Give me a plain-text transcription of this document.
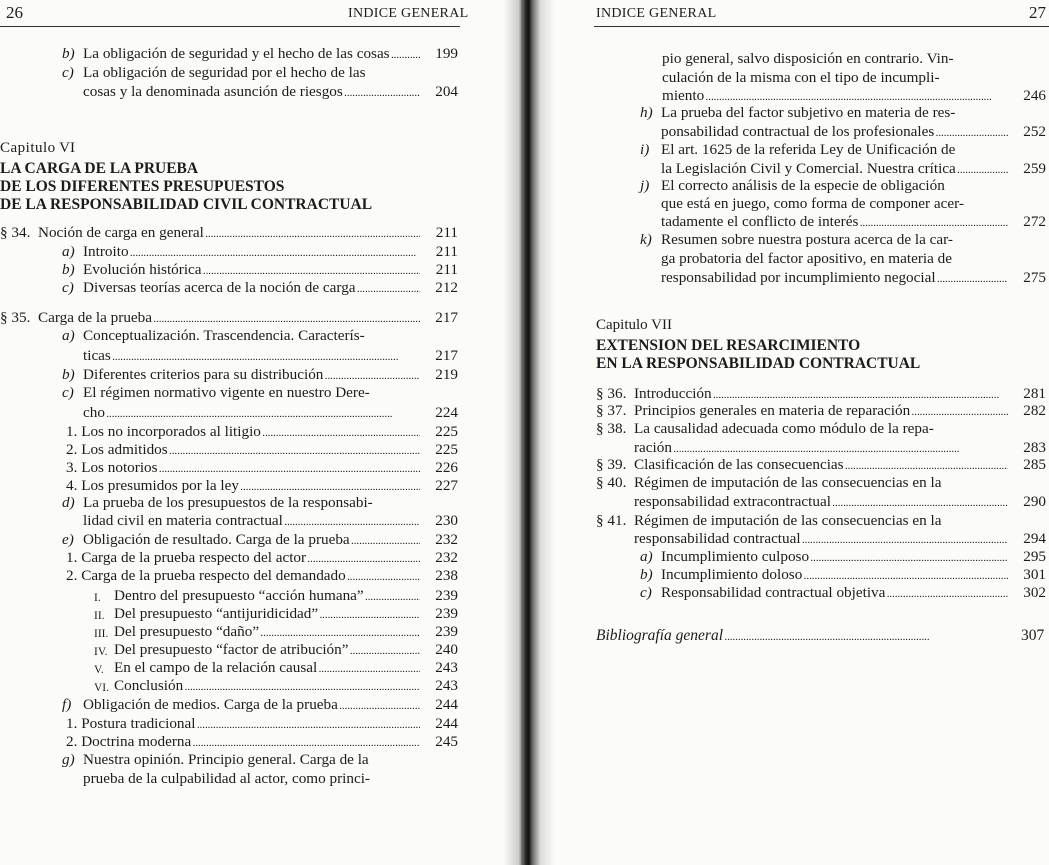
26	INDICE GENERAL
Capitulo VI
LA CARGA DE LA PRUEBA
DE LOS DIFERENTES PRESUPUESTOS
DE LA RESPONSABILIDAD CIVIL CONTRACTUAL
b) La obligación de seguridad y el hecho de las cosas . . .	199
c) La obligación de seguridad por el hecho de las
cosas y la denominada asunción de riesgos . . .	204
§ 34. Noción de carga en general . . .	211
a) Introito . . .	211
b) Evolución histórica . . .	211
c) Diversas teorías acerca de la noción de carga . . .	212
§ 35. Carga de la prueba . . .	217
a) Conceptualización. Trascendencia. Caracterís-
ticas . . .	217
b) Diferentes criterios para su distribución . . .	219
c) El régimen normativo vigente en nuestro Dere-
cho . . .	224
1. Los no incorporados al litigio . . .	225
2. Los admitidos . . .	225
3. Los notorios . . .	226
4. Los presumidos por la ley . . .	227
d) La prueba de los presupuestos de la responsabi-
lidad civil en materia contractual . . .	230
e) Obligación de resultado. Carga de la prueba . . .	232
1. Carga de la prueba respecto del actor . . .	232
2. Carga de la prueba respecto del demandado . . .	238
I. Dentro del presupuesto “acción humana” . . .	239
II. Del presupuesto “antijuridicidad” . . .	239
III. Del presupuesto “daño” . . .	239
IV. Del presupuesto “factor de atribución” . . .	240
V. En el campo de la relación causal . . .	243
VI. Conclusión . . .	243
f) Obligación de medios. Carga de la prueba . . .	244
1. Postura tradicional . . .	244
2. Doctrina moderna . . .	245
g) Nuestra opinión. Principio general. Carga de la
prueba de la culpabilidad al actor, como princi-
INDICE GENERAL	27
Capitulo VII
EXTENSION DEL RESARCIMIENTO
EN LA RESPONSABILIDAD CONTRACTUAL
pio general, salvo disposición en contrario. Vin-
culación de la misma con el tipo de incumpli-
miento . . .	246
h) La prueba del factor subjetivo en materia de res-
ponsabilidad contractual de los profesionales . . .	252
i) El art. 1625 de la referida Ley de Unificación de
la Legislación Civil y Comercial. Nuestra crítica . . .	259
j) El correcto análisis de la especie de obligación
que está en juego, como forma de componer acer-
tadamente el conflicto de interés . . .	272
k) Resumen sobre nuestra postura acerca de la car-
ga probatoria del factor apositivo, en materia de
responsabilidad por incumplimiento negocial . . .	275
§ 36. Introducción . . .	281
§ 37. Principios generales en materia de reparación . . .	282
§ 38. La causalidad adecuada como módulo de la repa-
ración . . .	283
§ 39. Clasificación de las consecuencias . . .	285
§ 40. Régimen de imputación de las consecuencias en la
responsabilidad extracontractual . . .	290
§ 41. Régimen de imputación de las consecuencias en la
responsabilidad contractual . . .	294
a) Incumplimiento culposo . . .	295
b) Incumplimiento doloso . . .	301
c) Responsabilidad contractual objetiva . . .	302
Bibliografía general . . . . . . . . . . . . . . . . . . . . . . . . . . . . . . . . . . . . . . . . . . . . . . . . . . . . . . . . . . . . . . . . . . . . . . . . . . . .	307
